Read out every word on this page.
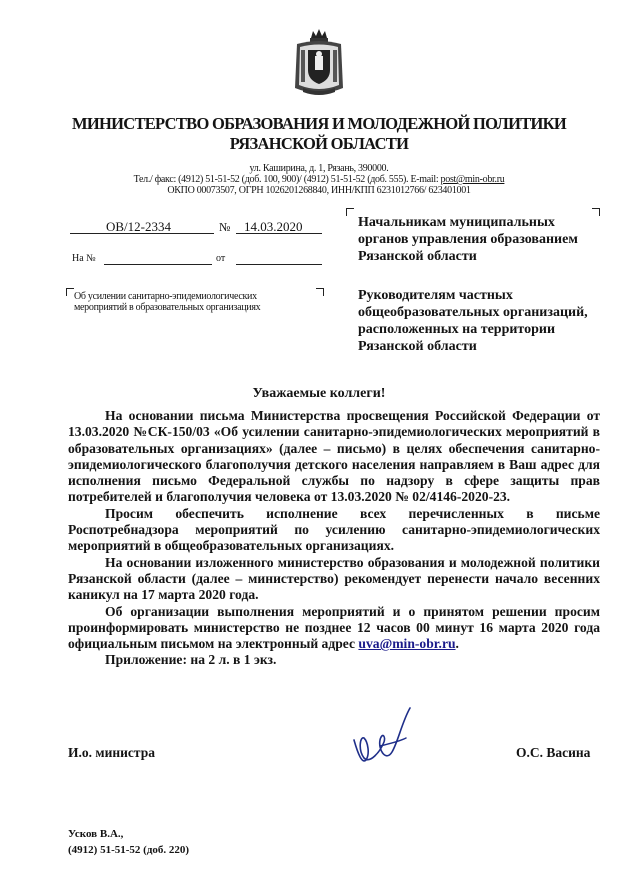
МИНИСТЕРСТВО ОБРАЗОВАНИЯ И МОЛОДЕЖНОЙ ПОЛИТИКИ
РЯЗАНСКОЙ ОБЛАСТИ
ул. Каширина, д. 1, Рязань, 390000.
Тел./ факс: (4912) 51-51-52 (доб. 100, 900)/ (4912) 51-51-52 (доб. 555). E-mail: post@min-obr.ru
ОКПО 00073507, ОГРН 1026201268840, ИНН/КПП 6231012766/ 623401001
ОВ/12-2334	№ 14.03.2020
На №	от
Об усилении санитарно-эпидемиологических
мероприятий в образовательных организациях
Начальникам муниципальных
органов управления образованием
Рязанской области
Руководителям частных
общеобразовательных организаций,
расположенных на территории
Рязанской области
Уважаемые коллеги!

На основании письма Министерства просвещения Российской Федерации от 13.03.2020 №СК-150/03 «Об усилении санитарно-эпидемиологических мероприятий в образовательных организациях» (далее – письмо) в целях обеспечения санитарно-эпидемиологического благополучия детского населения направляем в Ваш адрес для исполнения письмо Федеральной службы по надзору в сфере защиты прав потребителей и благополучия человека от 13.03.2020 № 02/4146-2020-23.

Просим обеспечить исполнение всех перечисленных в письме Роспотребнадзора мероприятий по усилению санитарно-эпидемиологических мероприятий в общеобразовательных организациях.

На основании изложенного министерство образования и молодежной политики Рязанской области (далее – министерство) рекомендует перенести начало весенних каникул на 17 марта 2020 года.

Об организации выполнения мероприятий и о принятом решении просим проинформировать министерство не позднее 12 часов 00 минут 16 марта 2020 года официальным письмом на электронный адрес uva@min-obr.ru.

Приложение: на 2 л. в 1 экз.

И.о. министра	О.С. Васина
Усков В.А.,
(4912) 51-51-52 (доб. 220)
